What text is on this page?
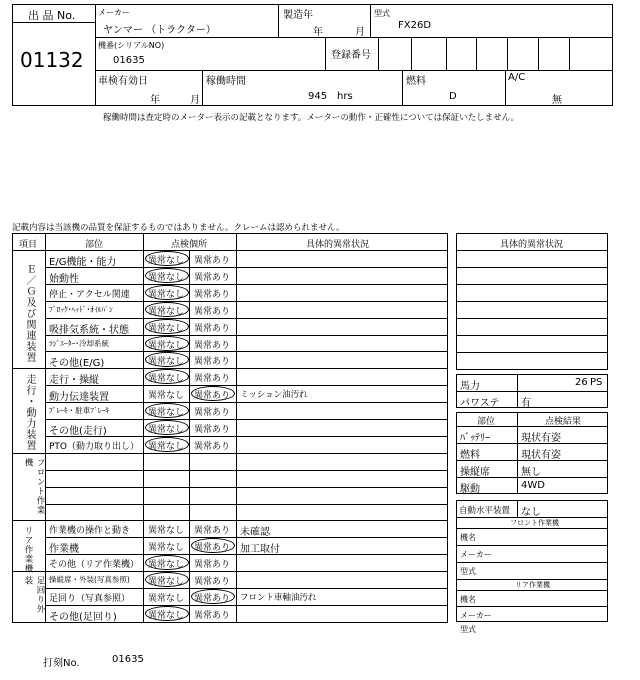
出 品 No.
01132
メーカー
ヤンマー （トラクター）
製造年
年	月
型式
FX26D
機番(シリアルNO)
01635	登録番号
車検有効日
年	月
稼働時間
945 hrs
燃料
D
A/C
無
稼働時間は査定時のメーター表示の記載となります。メーターの動作・正確性については保証いたしません。
記載内容は当該機の品質を保証するものではありません。クレームは認められません。
項目	部位	点検個所	具体的異常状況
E/G機能・能力	異常なし 異常あり
始動性	異常なし 異常あり
停止・アクセル関連 異常なし 異常あり
ﾌﾞﾛｯｸ･ﾍｯﾄﾞ･ｵｲﾙﾊﾟﾝ	異常なし 異常あり
吸排気系統・状態 異常なし 異常あり
ﾗｼﾞｴｰﾀｰ･冷却系統	異常なし 異常あり
その他(E/G)	異常なし 異常あり
走行・操縦	異常なし 異常あり
動力伝達装置	異常なし 異常あり ミッション油汚れ
ﾌﾞﾚｰｷ・駐車ﾌﾞﾚｰｷ	異常なし 異常あり
その他(走行)	異常なし 異常あり
PTO（動力取り出し） 異常なし 異常あり
作業機の操作と動き 異常なし 異常あり 未確認
作業機	異常なし 異常あり 加工取付
その他（リア作業機） 異常なし 異常あり
操縦席・外装(写真参照) 異常なし 異常あり
足回り（写真参照） 異常なし 異常あり フロント車軸油汚れ
その他(足回り)	異常なし 異常あり
Ｅ／Ｇ及び関連装置
走行・動力装置
フロント作業機
リア作業機
足回り外装
具体的異常状況
馬力	26 PS
パワステ 有
部位	点検結果
ﾊﾞｯﾃﾘｰ	現状有姿
燃料	現状有姿
操縦席	無し
駆動	4WD
自動水平装置 なし
フロント作業機
機名
メーカー
型式
リア作業機
機名
メーカー
型式
打刻No.	01635
